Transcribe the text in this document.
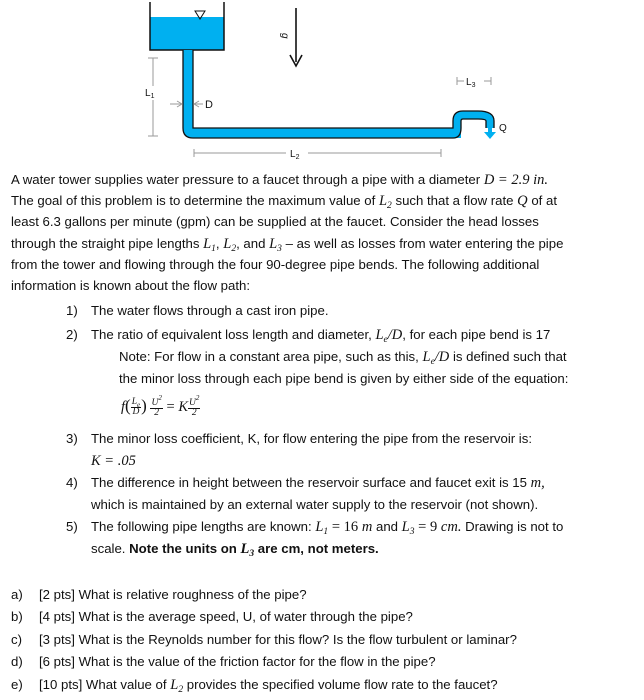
Q
g
$L_1$
D
$L_2$
$L_3$
A water tower supplies water pressure to a faucet through a pipe with a diameter D = 2.9 in.
The goal of this problem is to determine the maximum value of $L_2$ such that a flow rate Q of at
least 6.3 gallons per minute (gpm) can be supplied at the faucet. Consider the head losses
through the straight pipe lengths $L_1$, $L_2$, and $L_3$ – as well as losses from water entering the pipe
from the tower and flowing through the four 90-degree pipe bends. The following additional
information is known about the flow path:
1) The water flows through a cast iron pipe.
2) The ratio of equivalent loss length and diameter, $L_e/D$, for each pipe bend is 17
Note: For flow in a constant area pipe, such as this, $L_e/D$ is defined such that
the minor loss through each pipe bend is given by either side of the equation:
$f( \frac{L_e}{D}$ ) $\frac{U^2}{2} = K \frac{U^2}{2}$
3) The minor loss coefficient, K, for flow entering the pipe from the reservoir is:
K = .05
4) The difference in height between the reservoir surface and faucet exit is 15 m,
which is maintained by an external water supply to the reservoir (not shown).
5) The following pipe lengths are known: $L_1 = 16$ m and $L_3 = 9$ cm. Drawing is not to
scale. Note the units on $L_3$ are cm, not meters.
a) [2 pts] What is relative roughness of the pipe?
b) [4 pts] What is the average speed, U, of water through the pipe?
c) [3 pts] What is the Reynolds number for this flow? Is the flow turbulent or laminar?
d) [6 pts] What is the value of the friction factor for the flow in the pipe?
e) [10 pts] What value of $L_2$ provides the specified volume flow rate to the faucet?
